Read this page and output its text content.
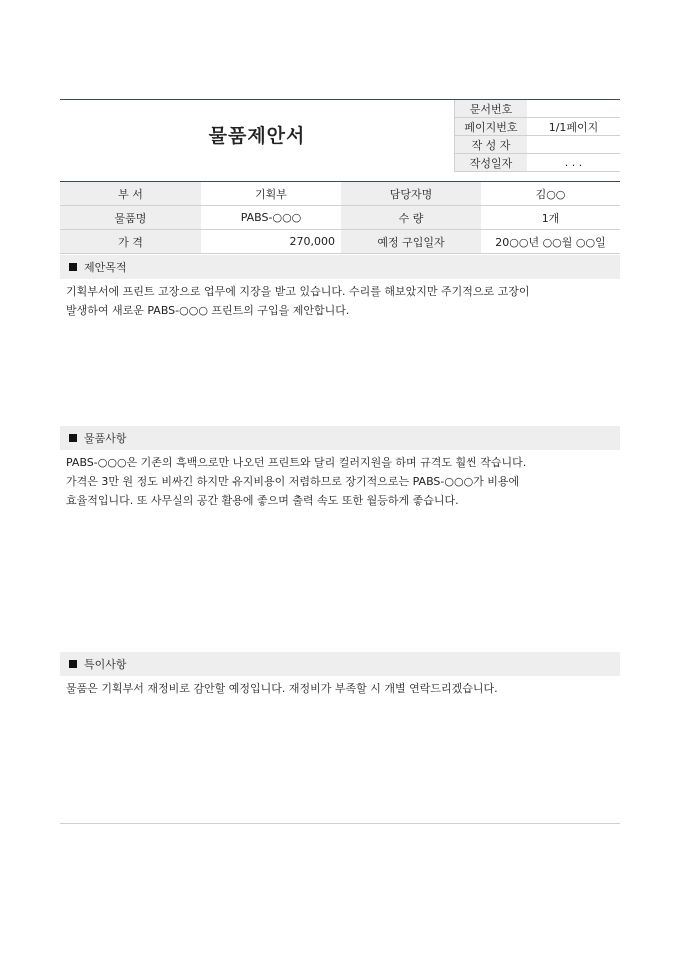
물품제안서
문서번호	
페이지번호	1/1페이지
작 성 자	
작성일자	. . .
부 서	기획부	담당자명	김○○
물품명	PABS-○○○	수 량	1개
가 격	270,000	예정 구입일자	20○○년 ○○월 ○○일
제안목적

기획부서에 프린트 고장으로 업무에 지장을 받고 있습니다. 수리를 해보았지만 주기적으로 고장이

발생하여 새로운 PABS-○○○ 프린트의 구입을 제안합니다.

물품사항

PABS-○○○은 기존의 흑백으로만 나오던 프린트와 달리 컬러지원을 하며 규격도 훨씬 작습니다.

가격은 3만 원 정도 비싸긴 하지만 유지비용이 저렴하므로 장기적으로는 PABS-○○○가 비용에

효율적입니다. 또 사무실의 공간 활용에 좋으며 출력 속도 또한 월등하게 좋습니다.

특이사항

물품은 기획부서 재정비로 감안할 예정입니다. 재정비가 부족할 시 개별 연락드리겠습니다.
